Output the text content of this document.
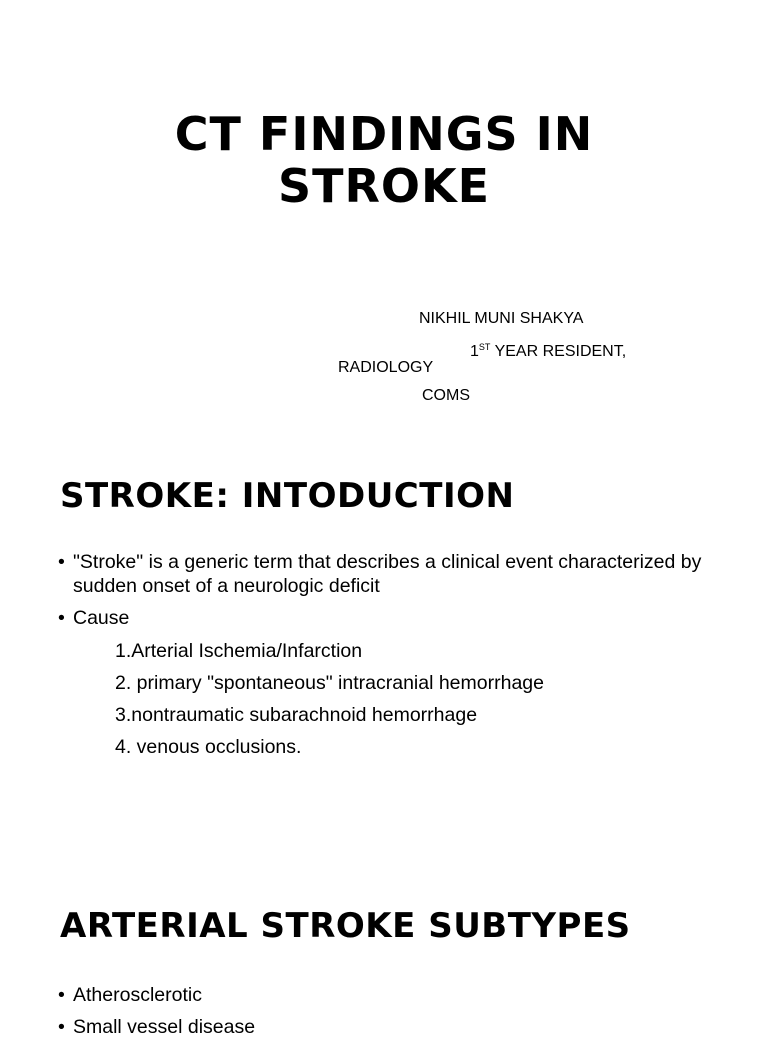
CT FINDINGS IN
STROKE
NIKHIL MUNI SHAKYA
1ST YEAR RESIDENT,
RADIOLOGY
COMS
STROKE: INTODUCTION
• "Stroke" is a generic term that describes a clinical event characterized by sudden onset of a neurologic deficit
• Cause
1.Arterial Ischemia/Infarction
2. primary "spontaneous" intracranial hemorrhage
3.nontraumatic subarachnoid hemorrhage
4. venous occlusions.
ARTERIAL STROKE SUBTYPES
• Atherosclerotic
• Small vessel disease
